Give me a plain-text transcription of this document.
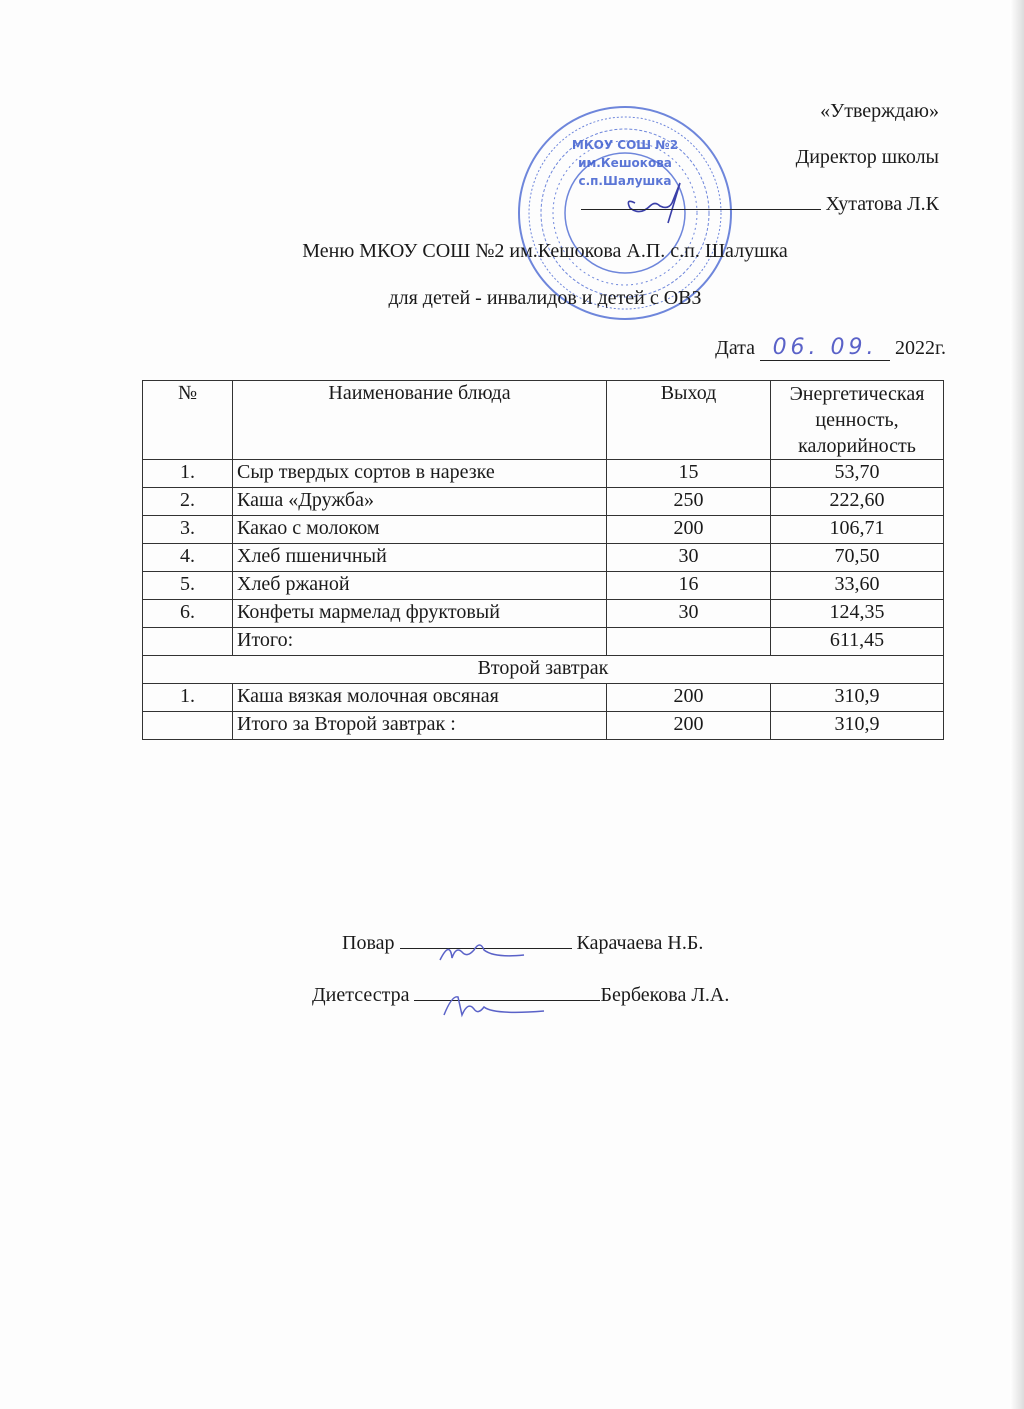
МКОУ СОШ №2
им.Кешокова
с.п.Шалушка
«Утверждаю»
Директор школы
Хутатова Л.К
Меню МКОУ СОШ №2 им.Кешокова А.П. с.п. Шалушка
для детей - инвалидов и детей с ОВЗ
Дата 06. 09. 2022г.
№	Наименование блюда	Выход	Энергетическая ценность, калорийность
1.	Сыр твердых сортов в нарезке	15	53,70
2.	Каша «Дружба»	250	222,60
3.	Какао с молоком	200	106,71
4.	Хлеб пшеничный	30	70,50
5.	Хлеб ржаной	16	33,60
6.	Конфеты мармелад фруктовый	30	124,35
	Итого:		611,45
Второй завтрак			
1.	Каша вязкая молочная овсяная	200	310,9
	Итого за Второй завтрак :	200	310,9
Повар	Карачаева Н.Б.
Диетсестра	Бербекова Л.А.
